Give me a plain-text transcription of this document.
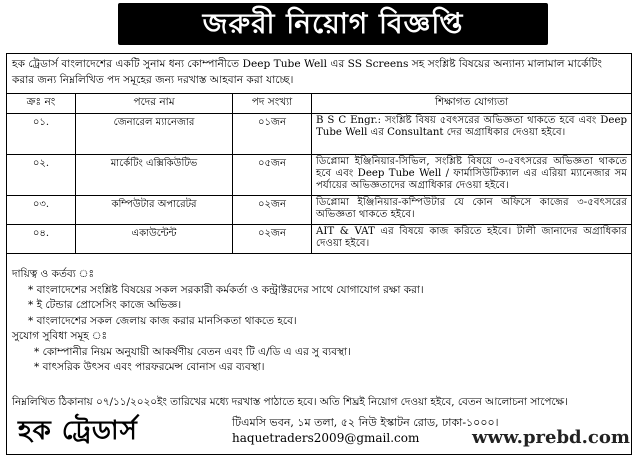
জরুরী নিয়োগ বিজ্ঞপ্তি
হক ট্রেডার্স বাংলাদেশের একটি সুনাম ধন্য কোম্পানীতে Deep Tube Well এর SS Screens সহ সংশ্লিষ্ট বিষয়ের অন্যান্য মালামাল মার্কেটিং করার জন্য নিম্নলিখিত পদ সমূহের জন্য দরখাস্ত আহবান করা যাচ্ছে।
ক্রঃ নং	পদের নাম	পদ সংখ্যা	শিক্ষাগত যোগ্যতা
০১.	জেনারেল ম্যানেজার	০১জন	B S C Engr.: সংশ্লিষ্ট বিষয় ৫বৎসরের অভিজ্ঞতা থাকতে হবে এবং Deep Tube Well এর Consultant দের অগ্রাধিকার দেওয়া হইবে।
০২.	মার্কেটিং এক্সিকিউটিভ	০৫জন	ডিপ্লোমা ইঞ্জিনিয়ার-সিভিল, সংশ্লিষ্ট বিষয়ে ৩-৫বৎসরের অভিজ্ঞতা থাকতে হবে এবং Deep Tube Well / ফার্মাসিউটিক্যাল এর এরিয়া ম্যানেজার সম পর্যায়ের অভিজ্ঞতাদের অগ্রাধিকার দেওয়া হইবে।
০৩.	কম্পিউটার অপারেটর	০২জন	ডিপ্লোমা ইঞ্জিনিয়ার-কম্পিউটার যে কোন অফিসে কাজের ৩-৫বৎসরের অভিজ্ঞতা থাকতে হইবে।
০৪.	একাউন্টেন্ট	০২জন	AIT & VAT এর বিষয়ে কাজ করিতে হইবে। টালী জানাদের অগ্রাধিকার দেওয়া হইবে।
দায়িত্ব ও কর্তব্য ঃ
* বাংলাদেশের সংশ্লিষ্ট বিষয়ের সকল সরকারী কর্মকর্তা ও কন্ট্রাক্টরদের সাথে যোগাযোগ রক্ষা করা।
* ই টেন্ডার প্রোসেসিং কাজে অভিজ্ঞ।
* বাংলাদেশের সকল জেলায় কাজ করার মানসিকতা থাকতে হবে।
সুযোগ সুবিধা সমূহ ঃ
* কোম্পানীর নিয়ম অনুযায়ী আকর্ষণীয় বেতন এবং টি এ/ডি এ এর সু ব্যবস্থা।
* বাৎসরিক উৎসব এবং পারফরমেন্স বোনাস এর ব্যবস্থা।
নিম্নলিখিত ঠিকানায় ০৭/১১/২০২০ইং তারিখের মধ্যে দরখাস্ত পাঠাতে হবে। অতি শিঘ্রই নিয়োগ দেওয়া হইবে, বেতন আলোচনা সাপেক্ষে।
হক ট্রেডার্স	টিএমসি ভবন, ১ম তলা, ৫২ নিউ ইস্কাটন রোড, ঢাকা-১০০০।
haquetraders2009@gmail.com	www.prebd.com
